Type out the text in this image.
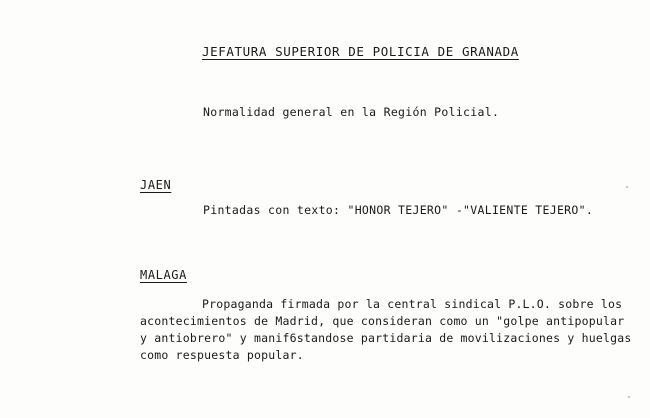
JEFATURA SUPERIOR DE POLICIA DE GRANADA
Normalidad general en la Región Policial.
JAEN
Pintadas con texto: "HONOR TEJERO" -"VALIENTE TEJERO".
MALAGA
Propaganda firmada por la central sindical P.L.O. sobre los
acontecimientos de Madrid, que consideran como un "golpe antipopular
y antiobrero" y manif6standose partidaria de movilizaciones y huelgas
como respuesta popular.
